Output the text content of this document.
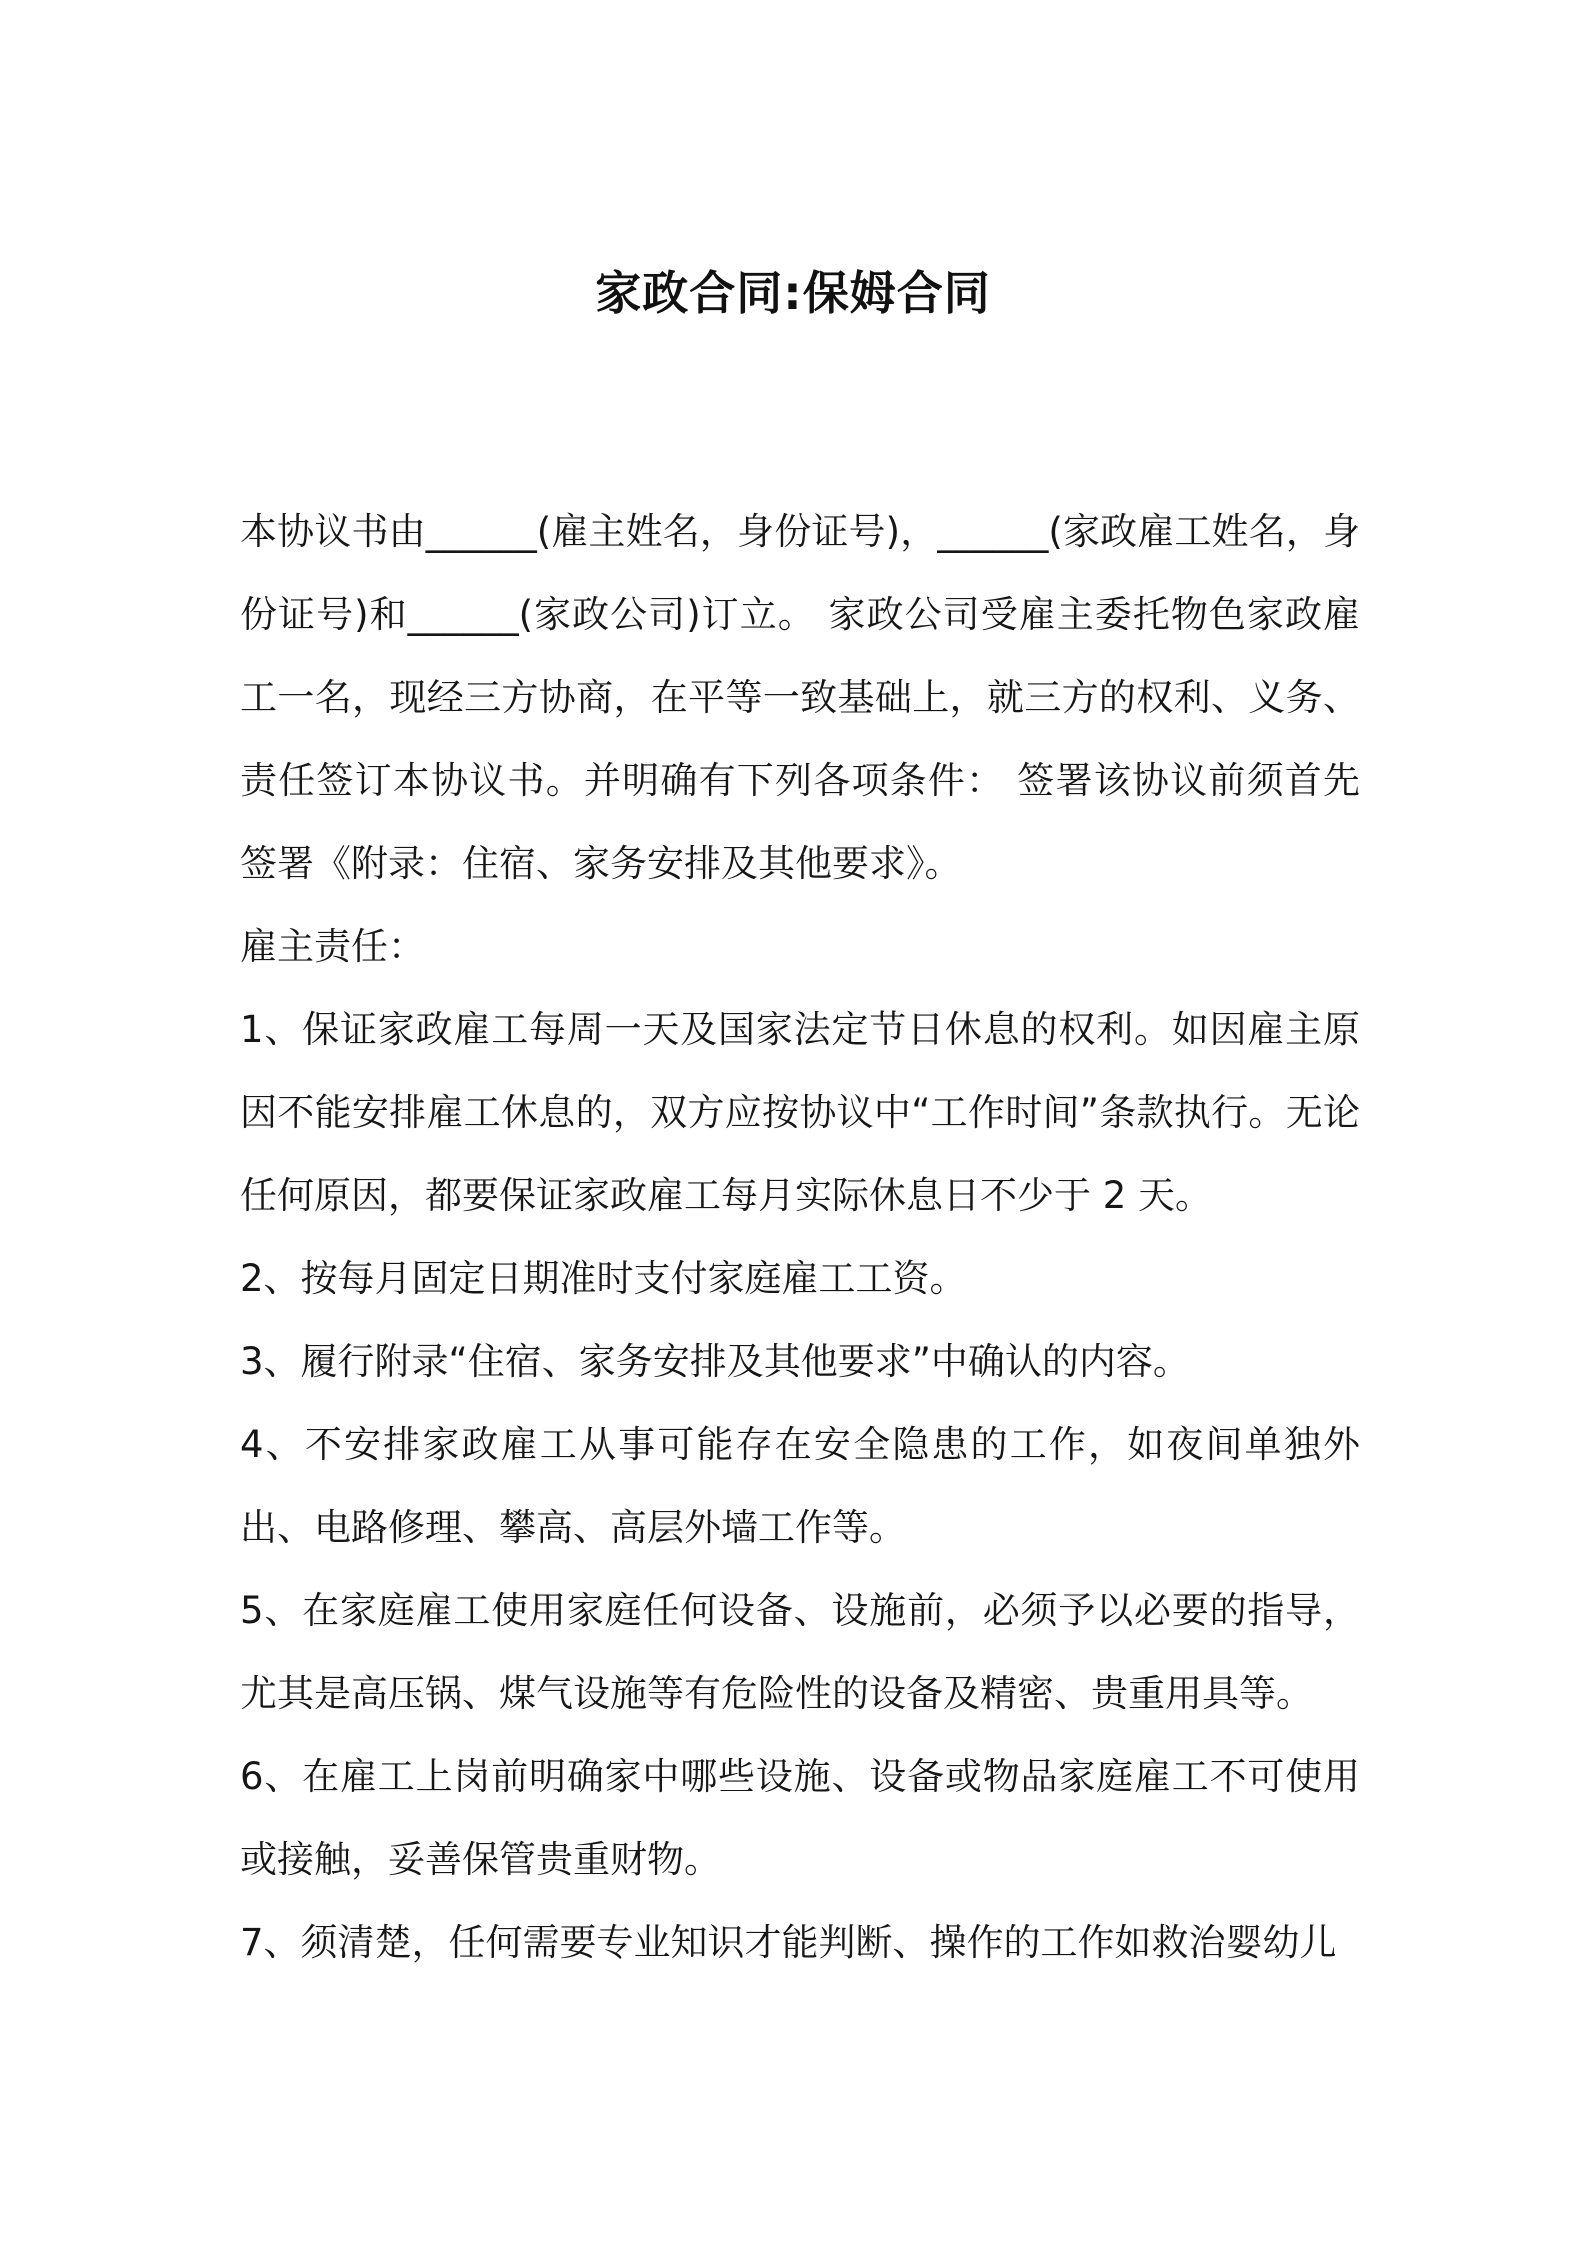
家政合同:保姆合同

本协议书由______(雇主姓名，身份证号)，______(家政雇工姓名，身份证号)和______(家政公司)订立。 家政公司受雇主委托物色家政雇工一名，现经三方协商，在平等一致基础上，就三方的权利、义务、责任签订本协议书。并明确有下列各项条件： 签署该协议前须首先签署《附录：住宿、家务安排及其他要求》。

雇主责任：

1、保证家政雇工每周一天及国家法定节日休息的权利。如因雇主原因不能安排雇工休息的，双方应按协议中“工作时间”条款执行。无论任何原因，都要保证家政雇工每月实际休息日不少于 2 天。

2、按每月固定日期准时支付家庭雇工工资。

3、履行附录“住宿、家务安排及其他要求”中确认的内容。

4、不安排家政雇工从事可能存在安全隐患的工作，如夜间单独外出、电路修理、攀高、高层外墙工作等。

5、在家庭雇工使用家庭任何设备、设施前，必须予以必要的指导，尤其是高压锅、煤气设施等有危险性的设备及精密、贵重用具等。

6、在雇工上岗前明确家中哪些设施、设备或物品家庭雇工不可使用或接触，妥善保管贵重财物。

7、须清楚，任何需要专业知识才能判断、操作的工作如救治婴幼儿
